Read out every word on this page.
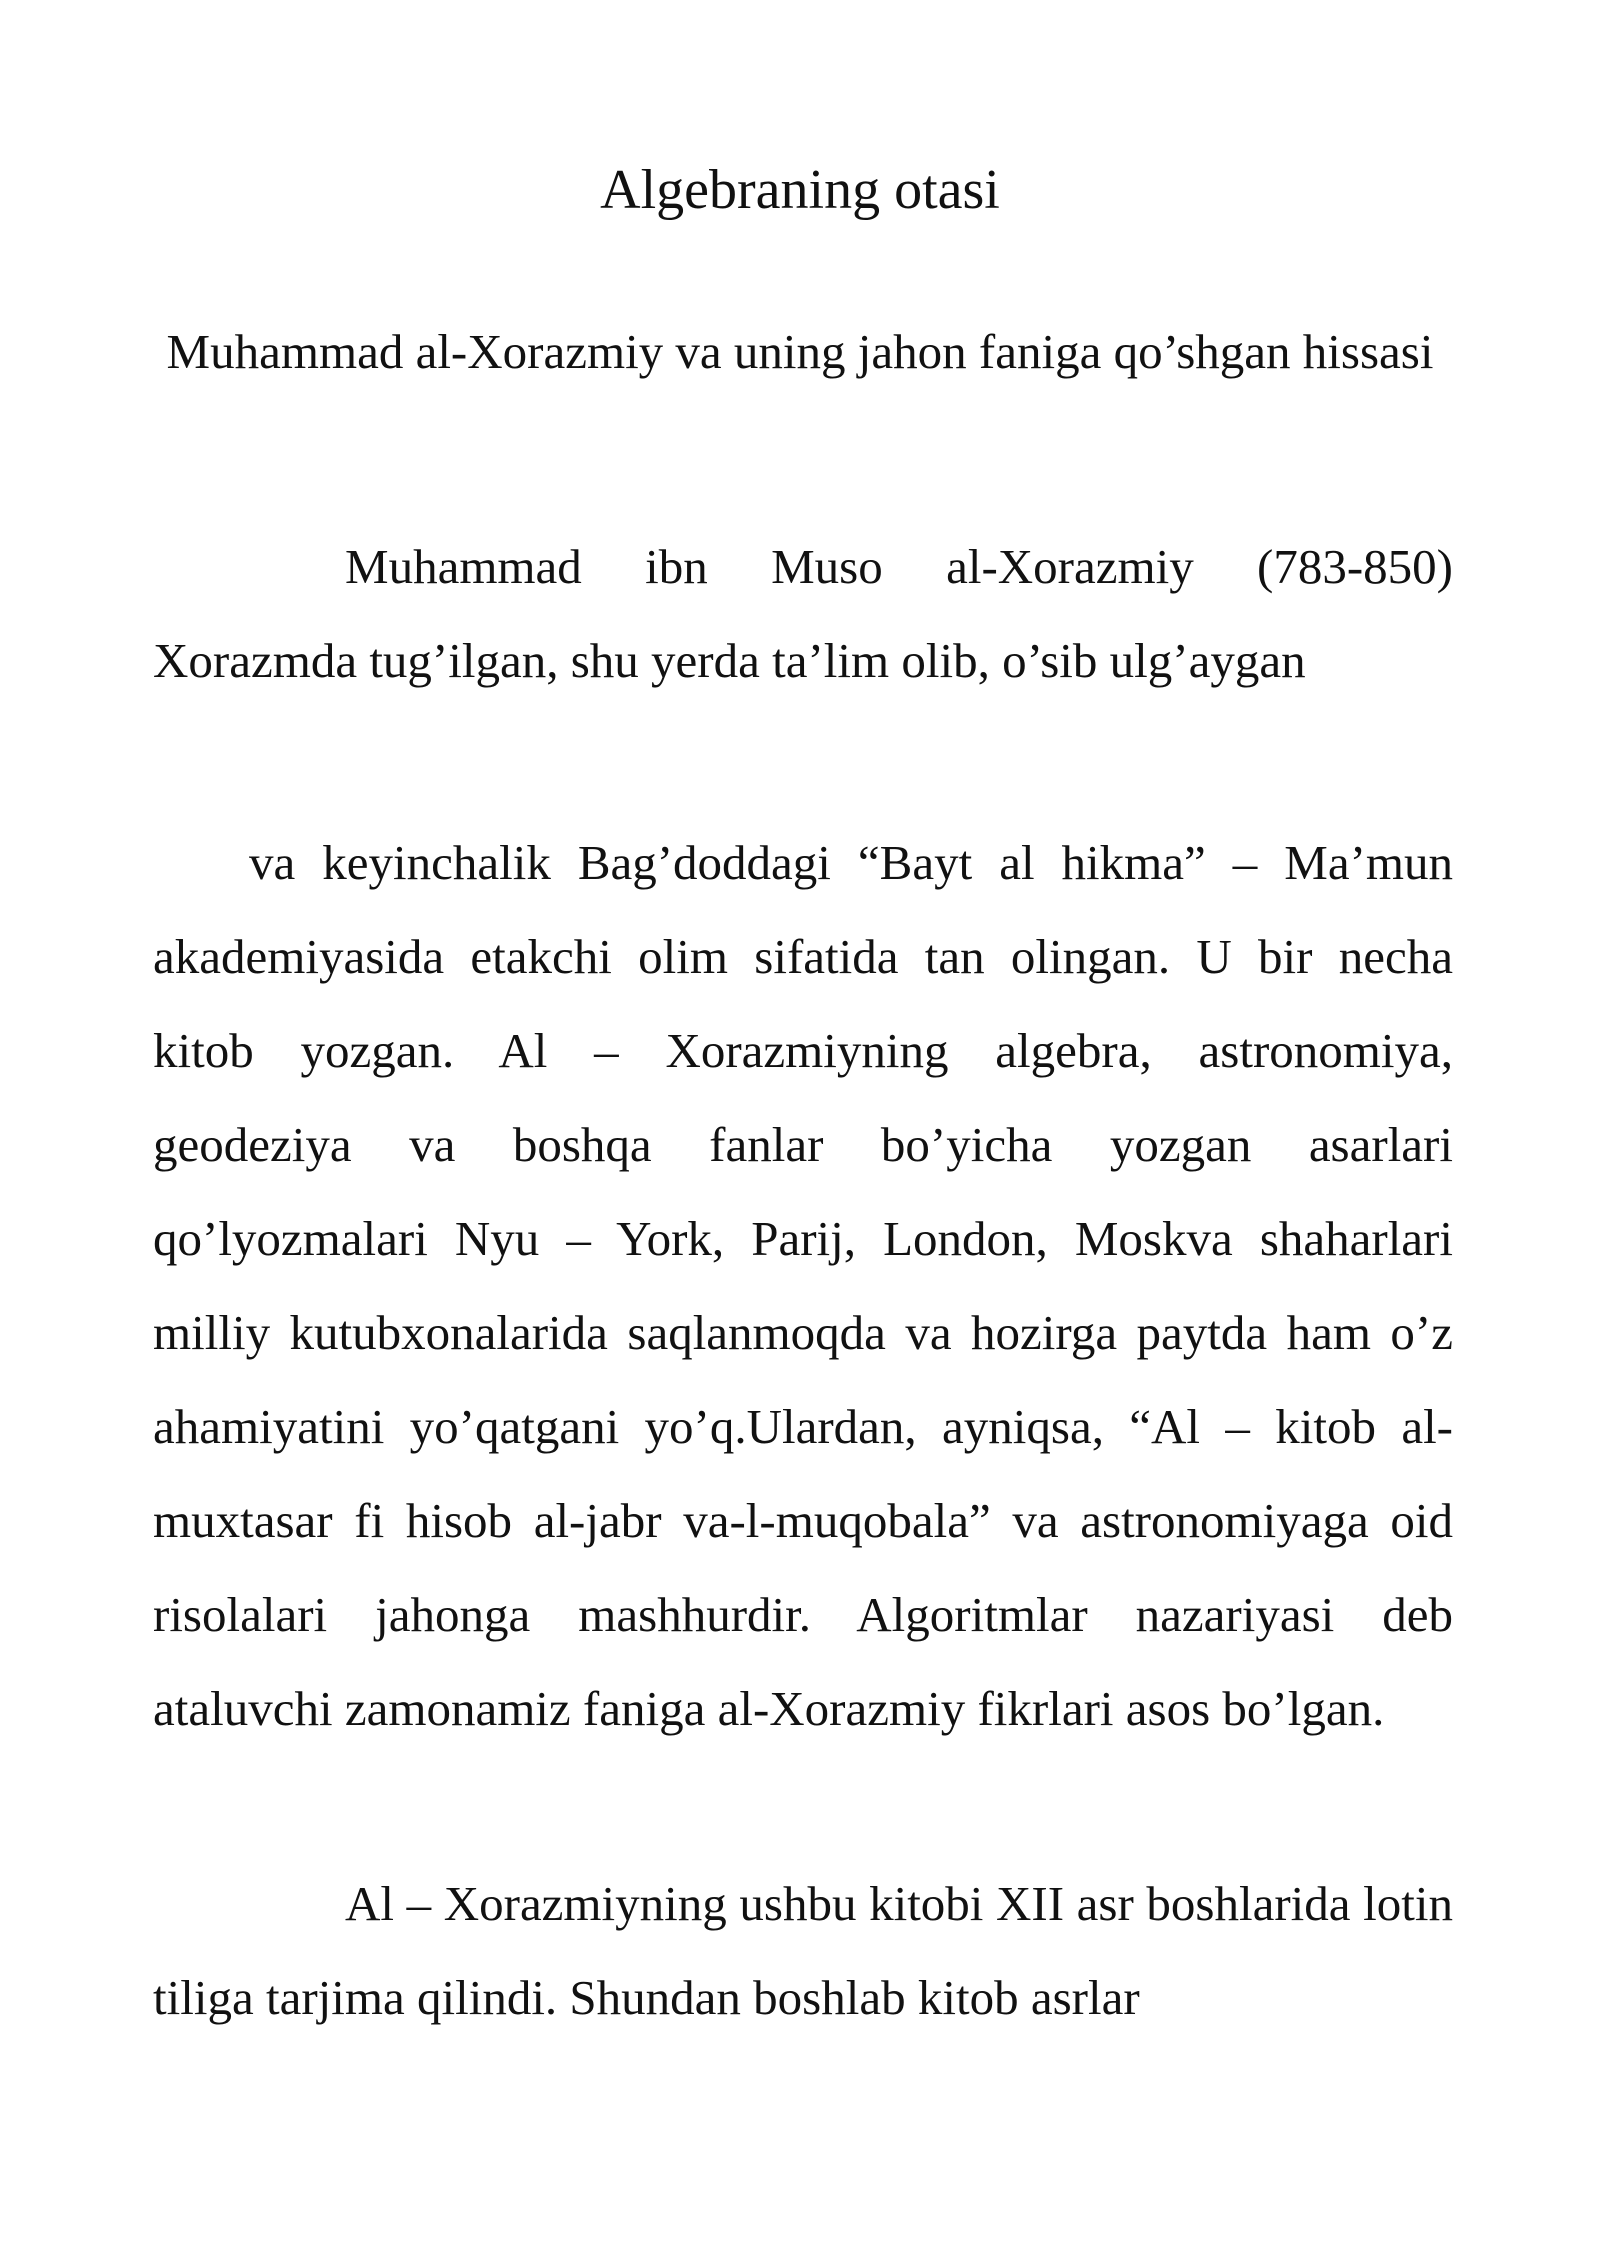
Algebraning otasi
Muhammad al-Xorazmiy va uning jahon faniga qo’shgan hissasi

Muhammad ibn Muso al-Xorazmiy (783-850) Xorazmda tug’ilgan, shu yerda ta’lim olib, o’sib ulg’aygan

va keyinchalik Bag’doddagi “Bayt al hikma” – Ma’mun akademiyasida etakchi olim sifatida tan olingan. U bir necha kitob yozgan. Al – Xorazmiyning algebra, astronomiya, geodeziya va boshqa fanlar bo’yicha yozgan asarlari qo’lyozmalari Nyu – York, Parij, London, Moskva shaharlari milliy kutubxonalarida saqlanmoqda va hozirga paytda ham o’z ahamiyatini yo’qatgani yo’q.Ulardan, ayniqsa, “Al – kitob al-muxtasar fi hisob al-jabr va-l-muqobala” va astronomiyaga oid risolalari jahonga mashhurdir. Algoritmlar nazariyasi deb ataluvchi zamonamiz faniga al-Xorazmiy fikrlari asos bo’lgan.

Al – Xorazmiyning ushbu kitobi XII asr boshlarida lotin tiliga tarjima qilindi. Shundan boshlab kitob asrlar
